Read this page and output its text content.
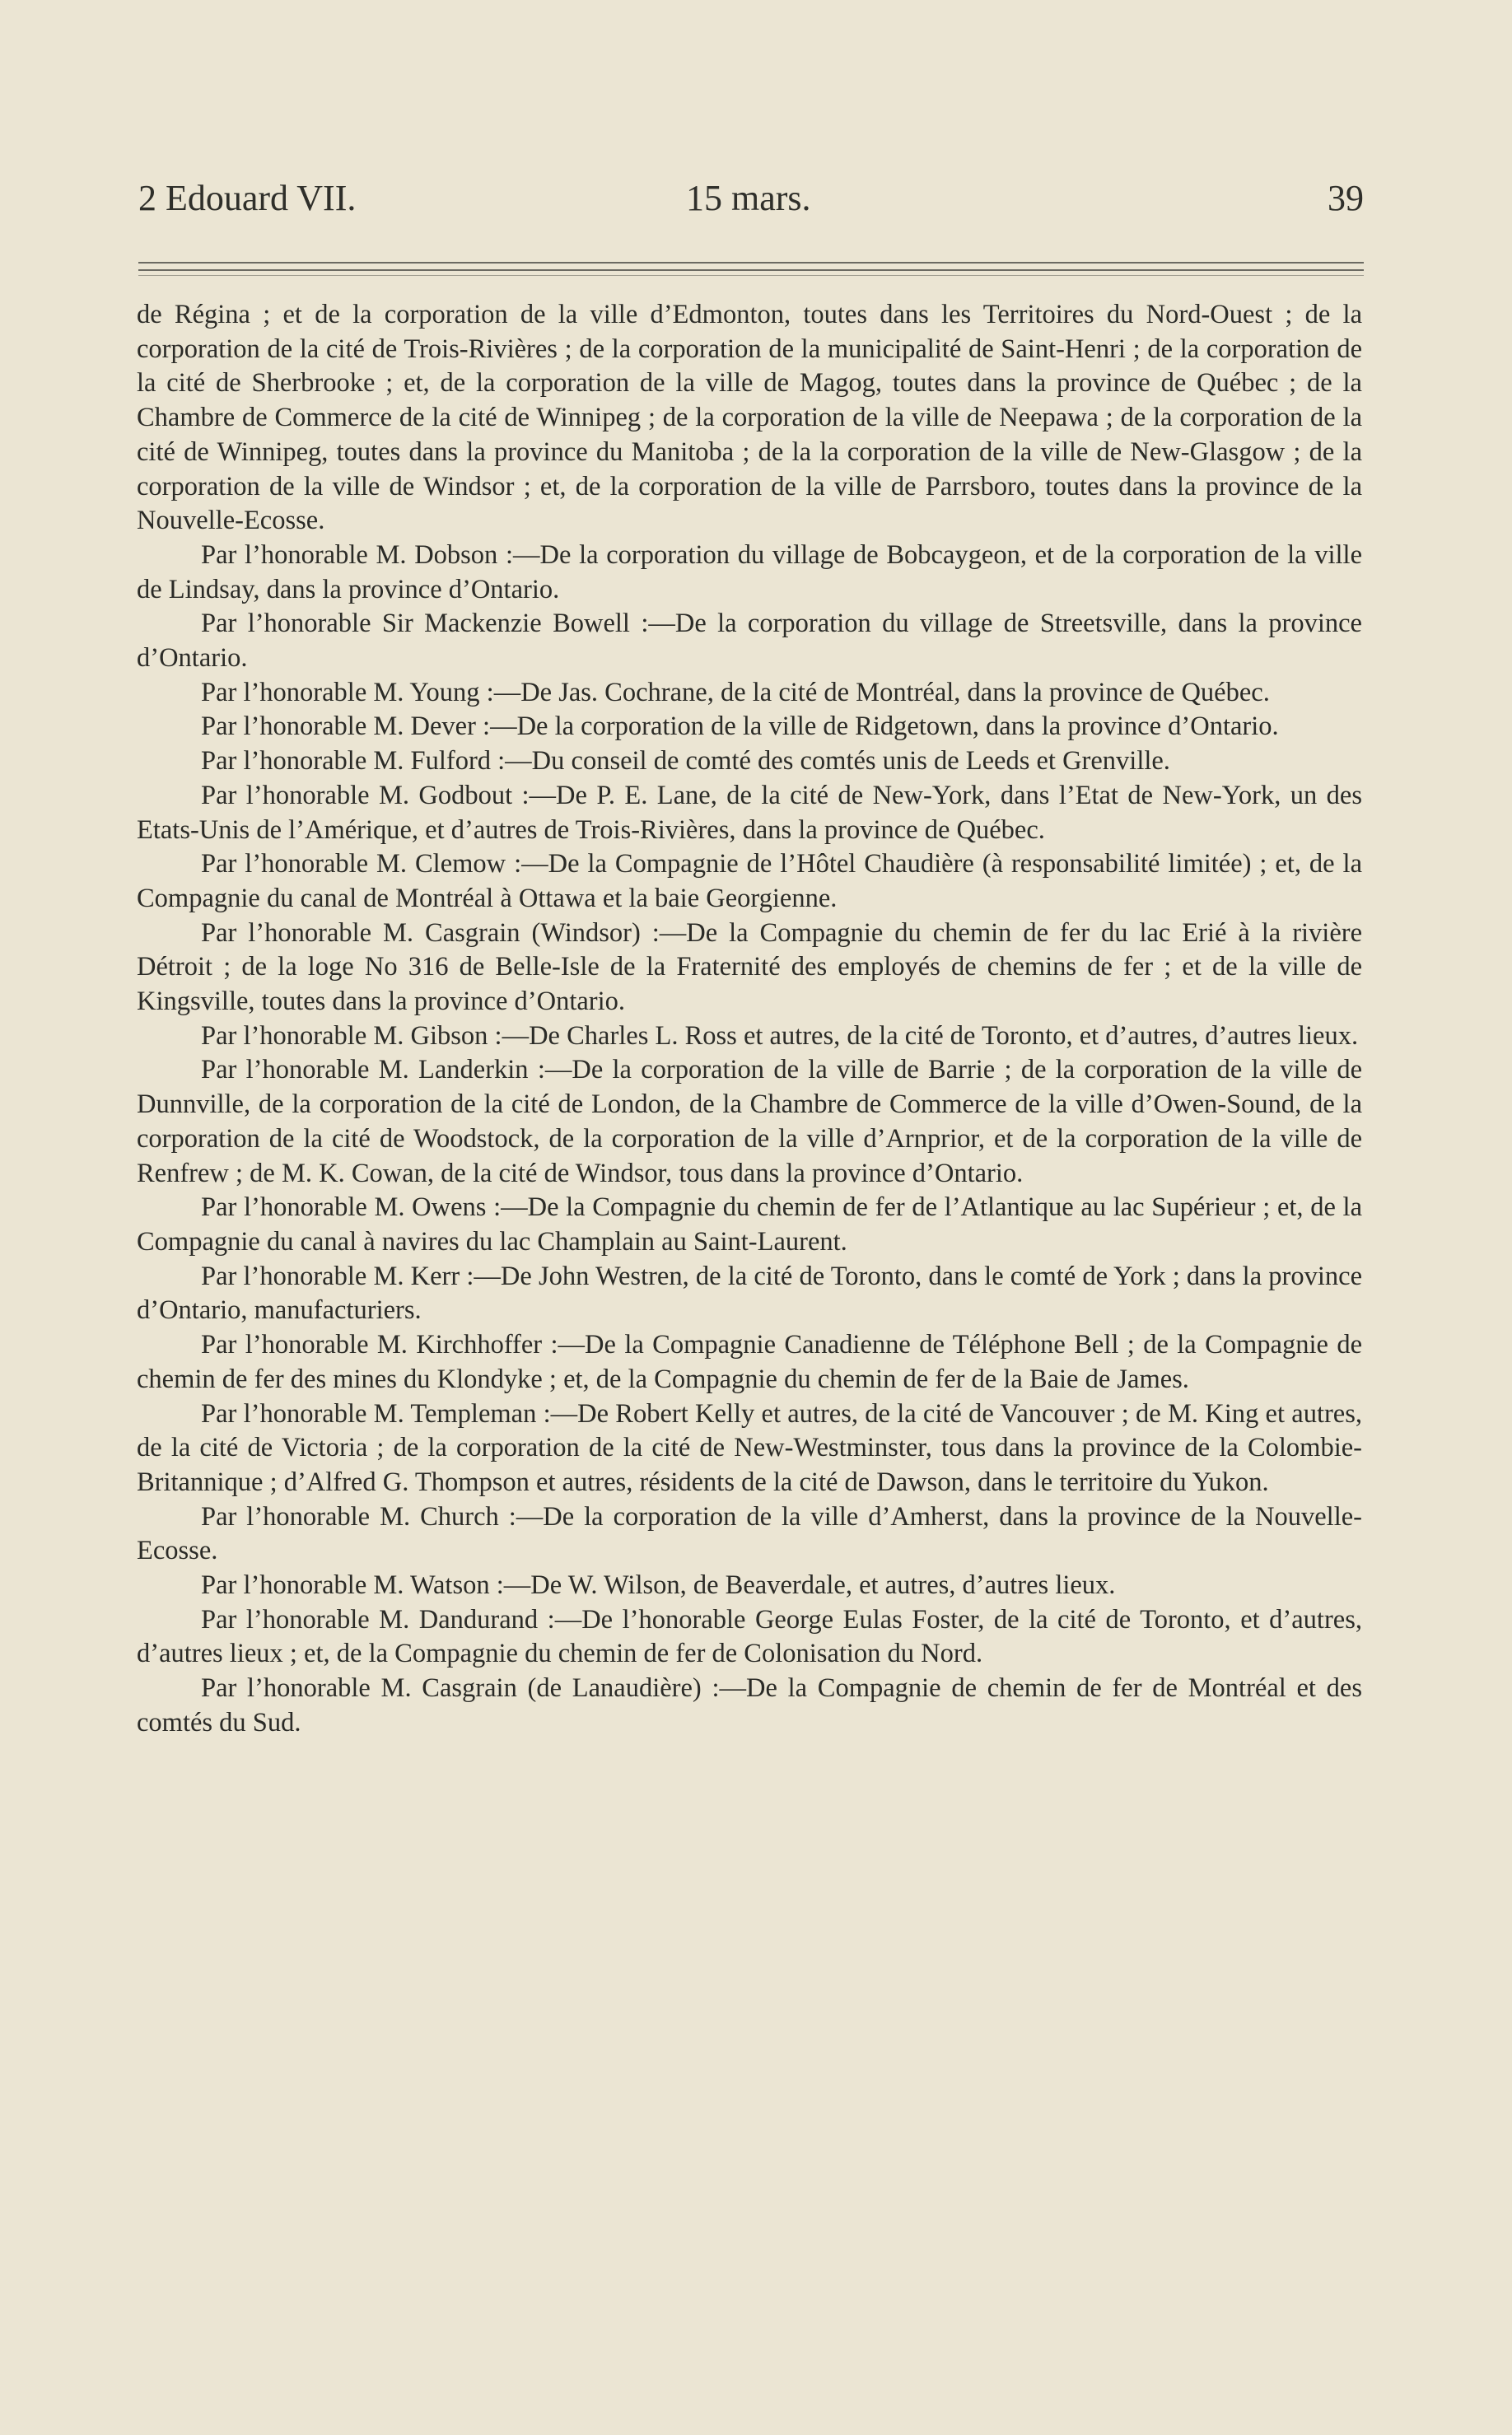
2 Edouard VII.	15 mars.	39

de Régina ; et de la corporation de la ville d’Edmonton, toutes dans les Territoires du Nord-Ouest ; de la corporation de la cité de Trois-Rivières ; de la corporation de la municipalité de Saint-Henri ; de la corporation de la cité de Sherbrooke ; et, de la corporation de la ville de Magog, toutes dans la province de Québec ; de la Chambre de Commerce de la cité de Winnipeg ; de la corporation de la ville de Neepawa ; de la corporation de la cité de Winnipeg, toutes dans la province du Manitoba ; de la la corporation de la ville de New-Glasgow ; de la corporation de la ville de Windsor ; et, de la corporation de la ville de Parrsboro, toutes dans la province de la Nouvelle-Ecosse.

Par l’honorable M. Dobson :—De la corporation du village de Bobcaygeon, et de la corporation de la ville de Lindsay, dans la province d’Ontario.

Par l’honorable Sir Mackenzie Bowell :—De la corporation du village de Streetsville, dans la province d’Ontario.

Par l’honorable M. Young :—De Jas. Cochrane, de la cité de Montréal, dans la province de Québec.

Par l’honorable M. Dever :—De la corporation de la ville de Ridgetown, dans la province d’Ontario.

Par l’honorable M. Fulford :—Du conseil de comté des comtés unis de Leeds et Grenville.

Par l’honorable M. Godbout :—De P. E. Lane, de la cité de New-York, dans l’Etat de New-York, un des Etats-Unis de l’Amérique, et d’autres de Trois-Rivières, dans la province de Québec.

Par l’honorable M. Clemow :—De la Compagnie de l’Hôtel Chaudière (à responsabilité limitée) ; et, de la Compagnie du canal de Montréal à Ottawa et la baie Georgienne.

Par l’honorable M. Casgrain (Windsor) :—De la Compagnie du chemin de fer du lac Erié à la rivière Détroit ; de la loge No 316 de Belle-Isle de la Fraternité des employés de chemins de fer ; et de la ville de Kingsville, toutes dans la province d’Ontario.

Par l’honorable M. Gibson :—De Charles L. Ross et autres, de la cité de Toronto, et d’autres, d’autres lieux.

Par l’honorable M. Landerkin :—De la corporation de la ville de Barrie ; de la corporation de la ville de Dunnville, de la corporation de la cité de London, de la Chambre de Commerce de la ville d’Owen-Sound, de la corporation de la cité de Woodstock, de la corporation de la ville d’Arnprior, et de la corporation de la ville de Renfrew ; de M. K. Cowan, de la cité de Windsor, tous dans la province d’Ontario.

Par l’honorable M. Owens :—De la Compagnie du chemin de fer de l’Atlantique au lac Supérieur ; et, de la Compagnie du canal à navires du lac Champlain au Saint-Laurent.

Par l’honorable M. Kerr :—De John Westren, de la cité de Toronto, dans le comté de York ; dans la province d’Ontario, manufacturiers.

Par l’honorable M. Kirchhoffer :—De la Compagnie Canadienne de Téléphone Bell ; de la Compagnie de chemin de fer des mines du Klondyke ; et, de la Compagnie du chemin de fer de la Baie de James.

Par l’honorable M. Templeman :—De Robert Kelly et autres, de la cité de Vancouver ; de M. King et autres, de la cité de Victoria ; de la corporation de la cité de New-Westminster, tous dans la province de la Colombie-Britannique ; d’Alfred G. Thompson et autres, résidents de la cité de Dawson, dans le territoire du Yukon.

Par l’honorable M. Church :—De la corporation de la ville d’Amherst, dans la province de la Nouvelle-Ecosse.

Par l’honorable M. Watson :—De W. Wilson, de Beaverdale, et autres, d’autres lieux.

Par l’honorable M. Dandurand :—De l’honorable George Eulas Foster, de la cité de Toronto, et d’autres, d’autres lieux ; et, de la Compagnie du chemin de fer de Colonisation du Nord.

Par l’honorable M. Casgrain (de Lanaudière) :—De la Compagnie de chemin de fer de Montréal et des comtés du Sud.
